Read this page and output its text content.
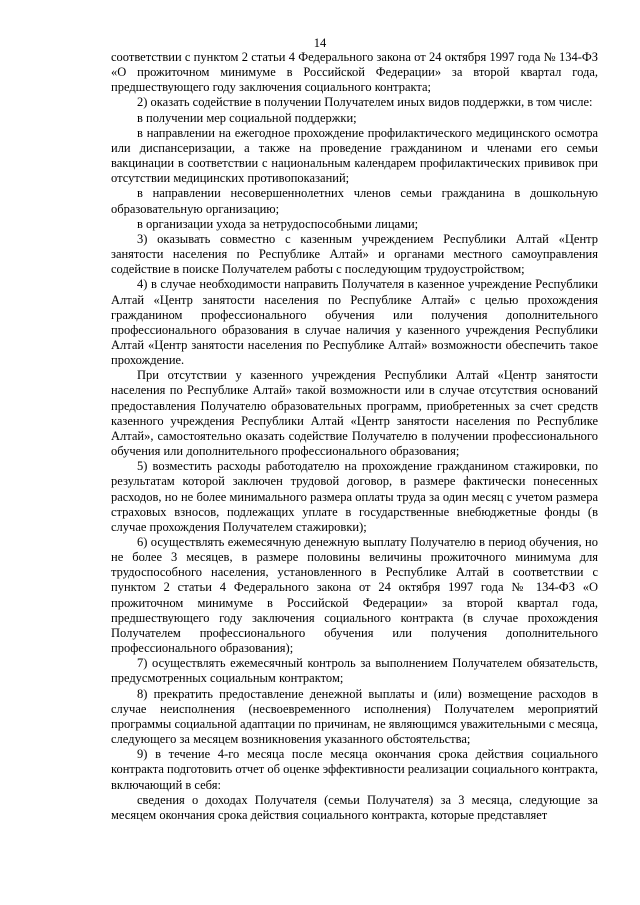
14

соответствии с пунктом 2 статьи 4 Федерального закона от 24 октября 1997 года № 134-ФЗ «О прожиточном минимуме в Российской Федерации» за второй квартал года, предшествующего году заключения социального контракта;

2) оказать содействие в получении Получателем иных видов поддержки, в том числе:

в получении мер социальной поддержки;

в направлении на ежегодное прохождение профилактического медицинского осмотра или диспансеризации, а также на проведение гражданином и членами его семьи вакцинации в соответствии с национальным календарем профилактических прививок при отсутствии медицинских противопоказаний;

в направлении несовершеннолетних членов семьи гражданина в дошкольную образовательную организацию;

в организации ухода за нетрудоспособными лицами;

3) оказывать совместно с казенным учреждением Республики Алтай «Центр занятости населения по Республике Алтай» и органами местного самоуправления содействие в поиске Получателем работы с последующим трудоустройством;

4) в случае необходимости направить Получателя в казенное учреждение Республики Алтай «Центр занятости населения по Республике Алтай» с целью прохождения гражданином профессионального обучения или получения дополнительного профессионального образования в случае наличия у казенного учреждения Республики Алтай «Центр занятости населения по Республике Алтай» возможности обеспечить такое прохождение.

При отсутствии у казенного учреждения Республики Алтай «Центр занятости населения по Республике Алтай» такой возможности или в случае отсутствия оснований предоставления Получателю образовательных программ, приобретенных за счет средств казенного учреждения Республики Алтай «Центр занятости населения по Республике Алтай», самостоятельно оказать содействие Получателю в получении профессионального обучения или дополнительного профессионального образования;

5) возместить расходы работодателю на прохождение гражданином стажировки, по результатам которой заключен трудовой договор, в размере фактически понесенных расходов, но не более минимального размера оплаты труда за один месяц с учетом размера страховых взносов, подлежащих уплате в государственные внебюджетные фонды (в случае прохождения Получателем стажировки);

6) осуществлять ежемесячную денежную выплату Получателю в период обучения, но не более 3 месяцев, в размере половины величины прожиточного минимума для трудоспособного населения, установленного в Республике Алтай в соответствии с пунктом 2 статьи 4 Федерального закона от 24 октября 1997 года № 134-ФЗ «О прожиточном минимуме в Российской Федерации» за второй квартал года, предшествующего году заключения социального контракта (в случае прохождения Получателем профессионального обучения или получения дополнительного профессионального образования);

7) осуществлять ежемесячный контроль за выполнением Получателем обязательств, предусмотренных социальным контрактом;

8) прекратить предоставление денежной выплаты и (или) возмещение расходов в случае неисполнения (несвоевременного исполнения) Получателем мероприятий программы социальной адаптации по причинам, не являющимся уважительными с месяца, следующего за месяцем возникновения указанного обстоятельства;

9) в течение 4-го месяца после месяца окончания срока действия социального контракта подготовить отчет об оценке эффективности реализации социального контракта, включающий в себя:

сведения о доходах Получателя (семьи Получателя) за 3 месяца, следующие за месяцем окончания срока действия социального контракта, которые представляет
